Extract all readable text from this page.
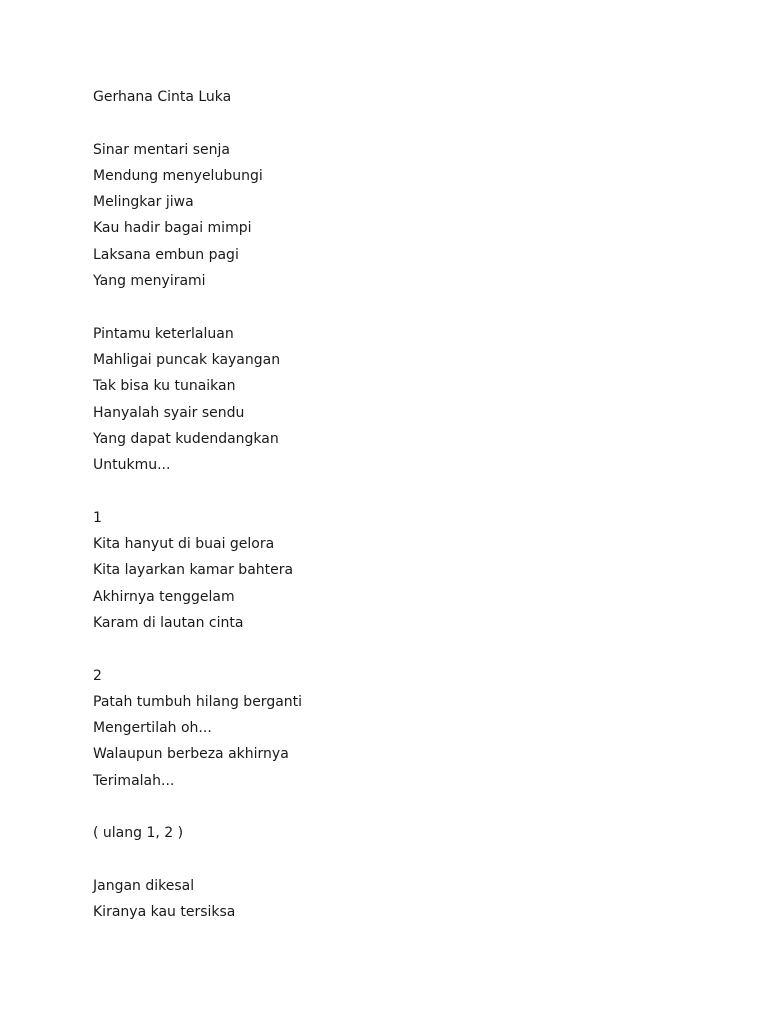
Gerhana Cinta Luka
Sinar mentari senja
Mendung menyelubungi
Melingkar jiwa
Kau hadir bagai mimpi
Laksana embun pagi
Yang menyirami
Pintamu keterlaluan
Mahligai puncak kayangan
Tak bisa ku tunaikan
Hanyalah syair sendu
Yang dapat kudendangkan
Untukmu...
1
Kita hanyut di buai gelora
Kita layarkan kamar bahtera
Akhirnya tenggelam
Karam di lautan cinta
2
Patah tumbuh hilang berganti
Mengertilah oh...
Walaupun berbeza akhirnya
Terimalah...
( ulang 1, 2 )
Jangan dikesal
Kiranya kau tersiksa
